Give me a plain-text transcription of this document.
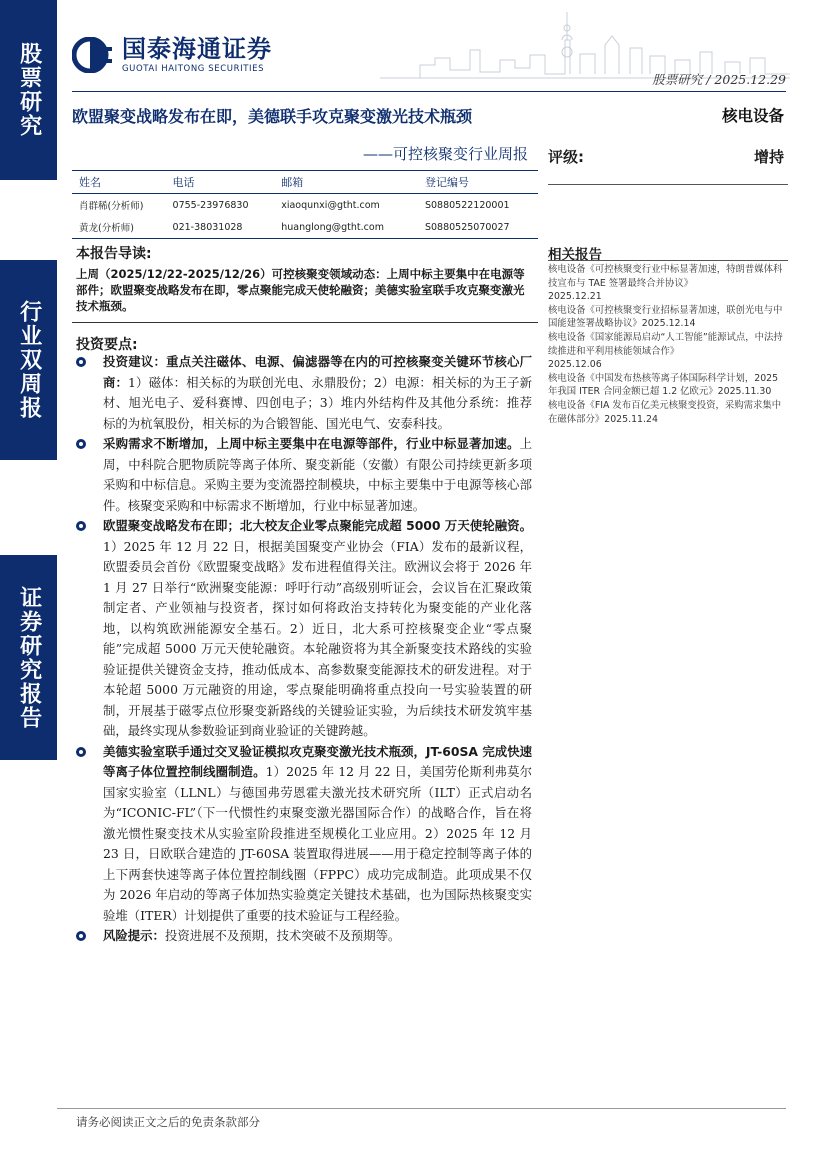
股票研究
行业双周报
证券研究报告
国泰海通证券
GUOTAI HAITONG SECURITIES
股票研究 / 2025.12.29
欧盟聚变战略发布在即，美德联手攻克聚变激光技术瓶颈
——可控核聚变行业周报
核电设备
评级:	增持
姓名	电话	邮箱	登记编号
肖群稀(分析师)	0755-23976830	xiaoqunxi@gtht.com	S0880522120001
黄龙(分析师)	021-38031028	huanglong@gtht.com	S0880525070027
本报告导读:
上周（2025/12/22-2025/12/26）可控核聚变领域动态：上周中标主要集中在电源等部件；欧盟聚变战略发布在即，零点聚能完成天使轮融资；美德实验室联手攻克聚变激光技术瓶颈。
投资要点:
投资建议：重点关注磁体、电源、偏滤器等在内的可控核聚变关键环节核心厂商：1）磁体：相关标的为联创光电、永鼎股份；2）电源：相关标的为王子新材、旭光电子、爱科赛博、四创电子；3）堆内外结构件及其他分系统：推荐标的为杭氧股份，相关标的为合锻智能、国光电气、安泰科技。
采购需求不断增加，上周中标主要集中在电源等部件，行业中标显著加速。上周，中科院合肥物质院等离子体所、聚变新能（安徽）有限公司持续更新多项采购和中标信息。采购主要为变流器控制模块，中标主要集中于电源等核心部件。核聚变采购和中标需求不断增加，行业中标显著加速。
欧盟聚变战略发布在即；北大校友企业零点聚能完成超 5000 万天使轮融资。1）2025 年 12 月 22 日，根据美国聚变产业协会（FIA）发布的最新议程，欧盟委员会首份《欧盟聚变战略》发布进程值得关注。欧洲议会将于 2026 年 1 月 27 日举行“欧洲聚变能源：呼吁行动”高级别听证会，会议旨在汇聚政策制定者、产业领袖与投资者，探讨如何将政治支持转化为聚变能的产业化落地，以构筑欧洲能源安全基石。2）近日，北大系可控核聚变企业“零点聚能”完成超 5000 万元天使轮融资。本轮融资将为其全新聚变技术路线的实验验证提供关键资金支持，推动低成本、高参数聚变能源技术的研发进程。对于本轮超 5000 万元融资的用途，零点聚能明确将重点投向一号实验装置的研制，开展基于磁零点位形聚变新路线的关键验证实验，为后续技术研发筑牢基础，最终实现从参数验证到商业验证的关键跨越。
美德实验室联手通过交叉验证模拟攻克聚变激光技术瓶颈，JT-60SA 完成快速等离子体位置控制线圈制造。1）2025 年 12 月 22 日，美国劳伦斯利弗莫尔国家实验室（LLNL）与德国弗劳恩霍夫激光技术研究所（ILT）正式启动名为“ICONIC-FL”（下一代惯性约束聚变激光器国际合作）的战略合作，旨在将激光惯性聚变技术从实验室阶段推进至规模化工业应用。2）2025 年 12 月 23 日，日欧联合建造的 JT-60SA 装置取得进展——用于稳定控制等离子体的上下两套快速等离子体位置控制线圈（FPPC）成功完成制造。此项成果不仅为 2026 年启动的等离子体加热实验奠定关键技术基础，也为国际热核聚变实验堆（ITER）计划提供了重要的技术验证与工程经验。
风险提示：投资进展不及预期，技术突破不及预期等。
相关报告
核电设备《可控核聚变行业中标显著加速，特朗普媒体科技宣布与 TAE 签署最终合并协议》
2025.12.21
核电设备《可控核聚变行业招标显著加速，联创光电与中国能建签署战略协议》2025.12.14
核电设备《国家能源局启动“人工智能”能源试点，中法持续推进和平利用核能领域合作》
2025.12.06
核电设备《中国发布热核等离子体国际科学计划，2025 年我国 ITER 合同金额已超 1.2 亿欧元》2025.11.30
核电设备《FIA 发布百亿美元核聚变投资，采购需求集中在磁体部分》2025.11.24
请务必阅读正文之后的免责条款部分
